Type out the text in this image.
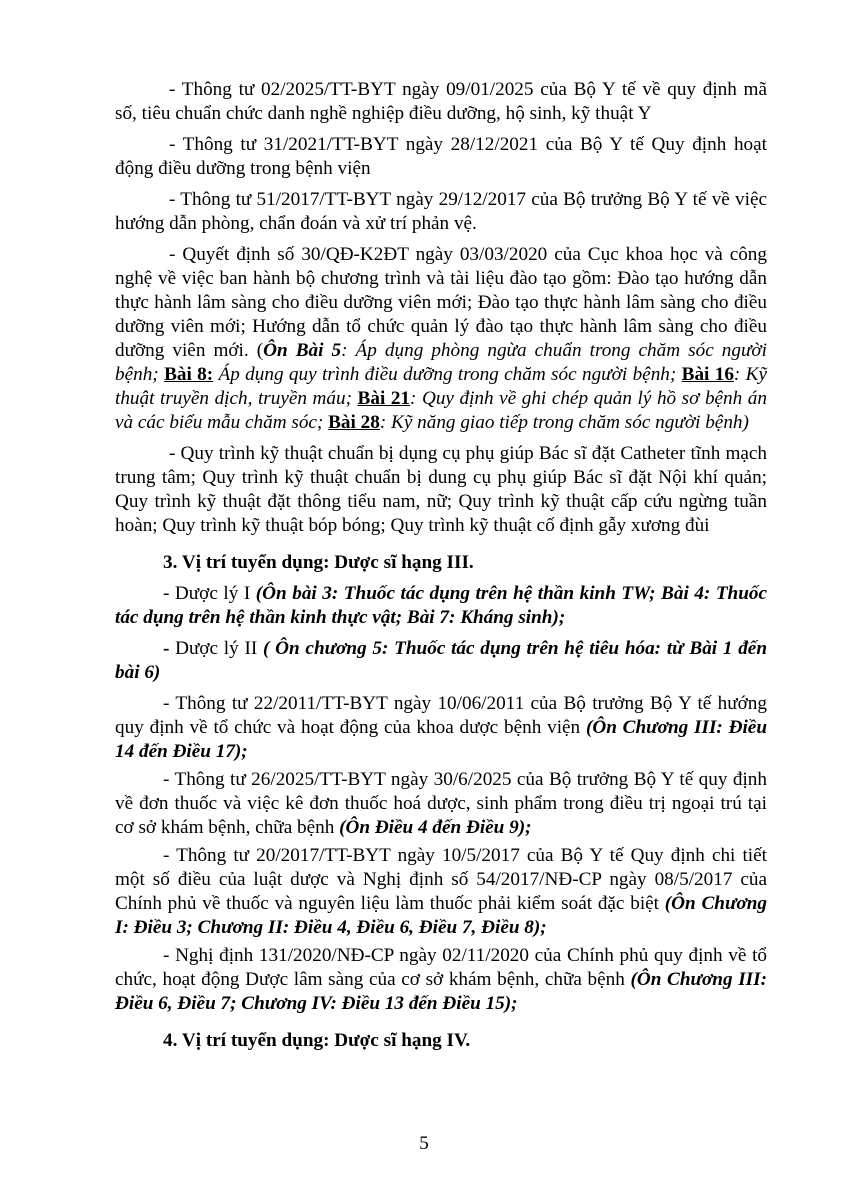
- Thông tư 02/2025/TT-BYT ngày 09/01/2025 của Bộ Y tế về quy định mã số, tiêu chuẩn chức danh nghề nghiệp điều dưỡng, hộ sinh, kỹ thuật Y

- Thông tư 31/2021/TT-BYT ngày 28/12/2021 của Bộ Y tế Quy định hoạt động điều dưỡng trong bệnh viện

- Thông tư 51/2017/TT-BYT ngày 29/12/2017 của Bộ trưởng Bộ Y tế về việc hướng dẫn phòng, chẩn đoán và xử trí phản vệ.

- Quyết định số 30/QĐ-K2ĐT ngày 03/03/2020 của Cục khoa học và công nghệ về việc ban hành bộ chương trình và tài liệu đào tạo gồm: Đào tạo hướng dẫn thực hành lâm sàng cho điều dưỡng viên mới; Đào tạo thực hành lâm sàng cho điều dưỡng viên mới; Hướng dẫn tổ chức quản lý đào tạo thực hành lâm sàng cho điều dưỡng viên mới. (Ôn Bài 5: Áp dụng phòng ngừa chuẩn trong chăm sóc người bệnh; Bài 8: Áp dụng quy trình điều dưỡng trong chăm sóc người bệnh; Bài 16: Kỹ thuật truyền dịch, truyền máu; Bài 21: Quy định về ghi chép quản lý hồ sơ bệnh án và các biểu mẫu chăm sóc; Bài 28: Kỹ năng giao tiếp trong chăm sóc người bệnh)

- Quy trình kỹ thuật chuẩn bị dụng cụ phụ giúp Bác sĩ đặt Catheter tĩnh mạch trung tâm; Quy trình kỹ thuật chuẩn bị dung cụ phụ giúp Bác sĩ đặt Nội khí quản; Quy trình kỹ thuật đặt thông tiểu nam, nữ; Quy trình kỹ thuật cấp cứu ngừng tuần hoàn; Quy trình kỹ thuật bóp bóng; Quy trình kỹ thuật cố định gẫy xương đùi

3. Vị trí tuyển dụng: Dược sĩ hạng III.

- Dược lý I (Ôn bài 3: Thuốc tác dụng trên hệ thần kinh TW; Bài 4: Thuốc tác dụng trên hệ thần kinh thực vật; Bài 7: Kháng sinh);

- Dược lý II ( Ôn chương 5: Thuốc tác dụng trên hệ tiêu hóa: từ Bài 1 đến bài 6)

- Thông tư 22/2011/TT-BYT ngày 10/06/2011 của Bộ trưởng Bộ Y tế hướng quy định về tổ chức và hoạt động của khoa dược bệnh viện (Ôn Chương III: Điều 14 đến Điều 17);

- Thông tư 26/2025/TT-BYT ngày 30/6/2025 của Bộ trưởng Bộ Y tế quy định về đơn thuốc và việc kê đơn thuốc hoá dược, sinh phẩm trong điều trị ngoại trú tại cơ sở khám bệnh, chữa bệnh (Ôn Điều 4 đến Điều 9);

- Thông tư 20/2017/TT-BYT ngày 10/5/2017 của Bộ Y tế Quy định chi tiết một số điều của luật dược và Nghị định số 54/2017/NĐ-CP ngày 08/5/2017 của Chính phủ về thuốc và nguyên liệu làm thuốc phải kiểm soát đặc biệt (Ôn Chương I: Điều 3; Chương II: Điều 4, Điều 6, Điều 7, Điều 8);

- Nghị định 131/2020/NĐ-CP ngày 02/11/2020 của Chính phủ quy định về tổ chức, hoạt động Dược lâm sàng của cơ sở khám bệnh, chữa bệnh (Ôn Chương III: Điều 6, Điều 7; Chương IV: Điều 13 đến Điều 15);

4. Vị trí tuyển dụng: Dược sĩ hạng IV.

5
